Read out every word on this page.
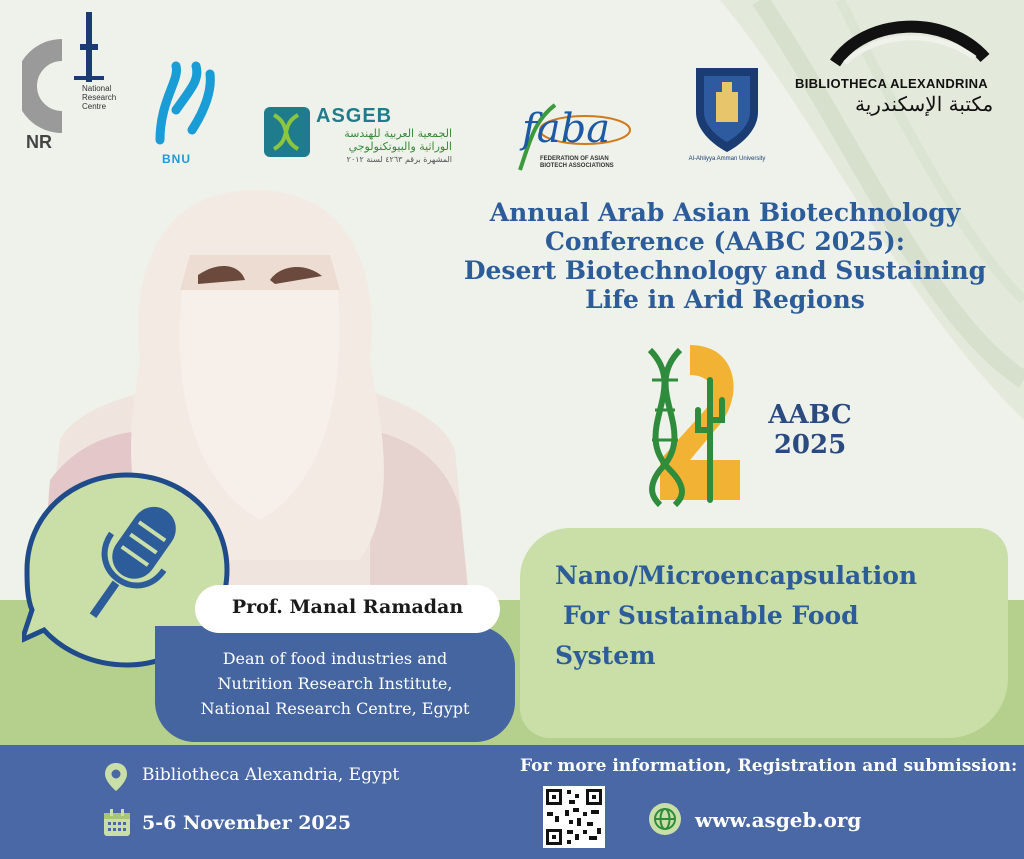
National
Research
Centre
NR
BNU
ASGEB
الجمعية العربية للهندسة
الوراثية والبيوتكنولوجي
المشهرة برقم ٤٢٦٣ لسنة ٢٠١٢
faba
FEDERATION OF ASIAN
BIOTECH ASSOCIATIONS
Al-Ahliyya Amman University
BIBLIOTHECA ALEXANDRINA
مكتبة الإسكندرية
Annual Arab Asian Biotechnology
Conference (AABC 2025):
Desert Biotechnology and Sustaining
Life in Arid Regions
AABC
2025
Prof. Manal Ramadan
Dean of food industries and
Nutrition Research Institute,
National Research Centre, Egypt
Nano/Microencapsulation
For Sustainable Food
System
Bibliotheca Alexandria, Egypt
5-6 November 2025
For more information, Registration and submission:
www.asgeb.org
